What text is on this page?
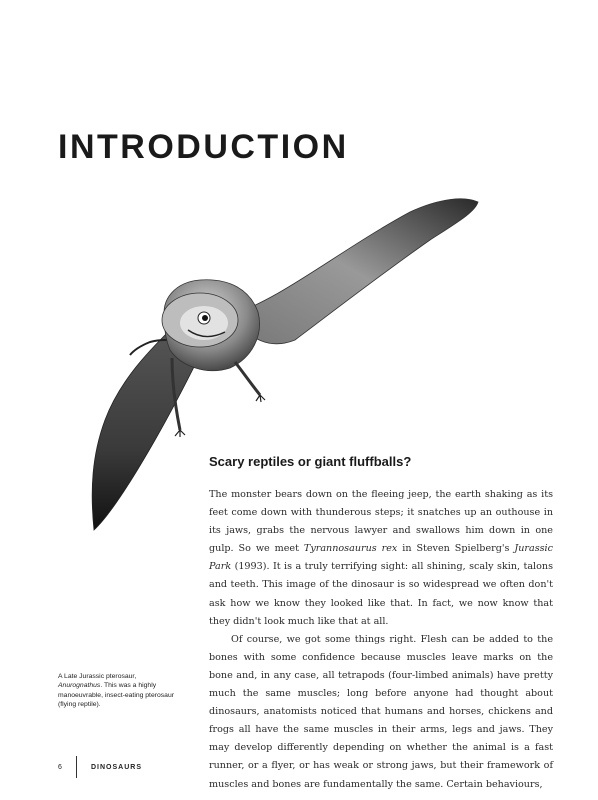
INTRODUCTION
Scary reptiles or giant fluffballs?

The monster bears down on the fleeing jeep, the earth shaking as its feet come down with thunderous steps; it snatches up an outhouse in its jaws, grabs the nervous lawyer and swallows him down in one gulp. So we meet Tyrannosaurus rex in Steven Spielberg's Jurassic Park (1993). It is a truly terrifying sight: all shining, scaly skin, talons and teeth. This image of the dinosaur is so widespread we often don't ask how we know they looked like that. In fact, we now know that they didn't look much like that at all.

Of course, we got some things right. Flesh can be added to the bones with some confidence because muscles leave marks on the bone and, in any case, all tetrapods (four-limbed animals) have pretty much the same muscles; long before anyone had thought about dinosaurs, anatomists noticed that humans and horses, chickens and frogs all have the same muscles in their arms, legs and jaws. They may develop differently depending on whether the animal is a fast runner, or a flyer, or has weak or strong jaws, but their framework of muscles and bones are fundamentally the same. Certain behaviours,

A Late Jurassic pterosaur, Anurognathus. This was a highly manoeuvrable, insect-eating pterosaur (flying reptile).
6	DINOSAURS
